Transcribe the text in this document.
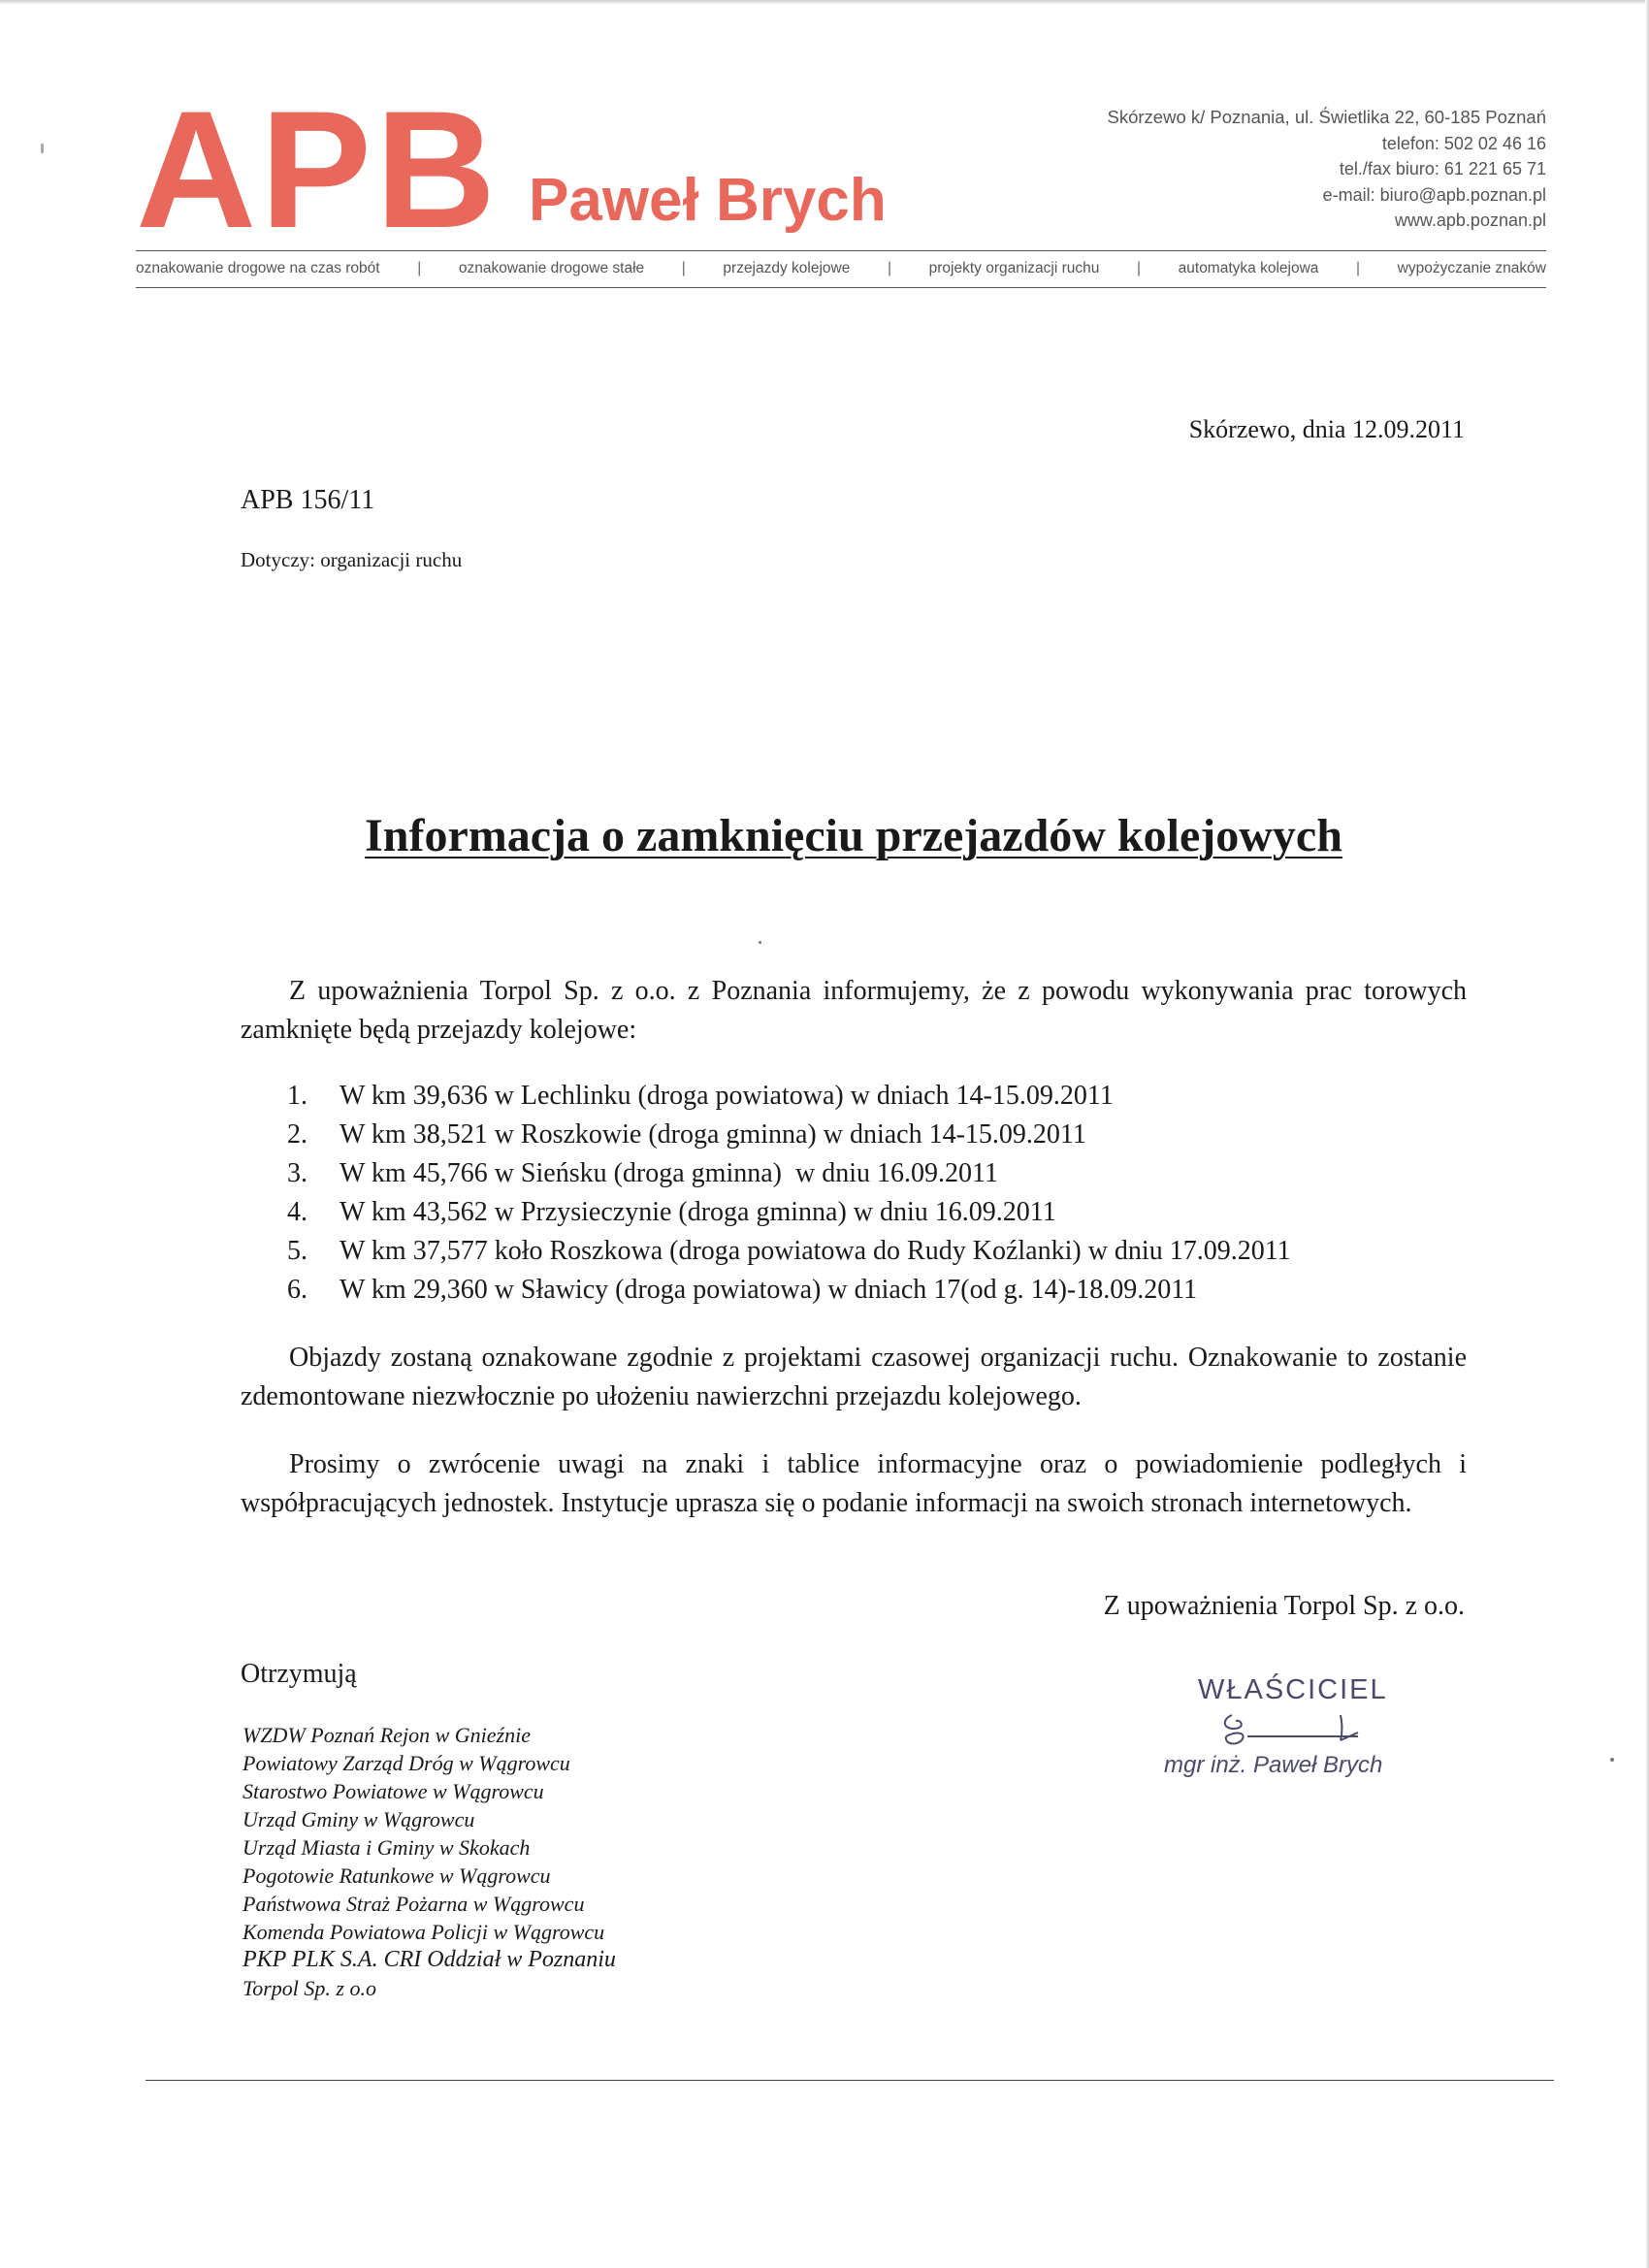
APB Paweł Brych
Skórzewo k/ Poznania, ul. Świetlika 22, 60-185 Poznań
telefon: 502 02 46 16
tel./fax biuro: 61 221 65 71
e-mail: biuro@apb.poznan.pl
www.apb.poznan.pl
oznakowanie drogowe na czas robót | oznakowanie drogowe stałe | przejazdy kolejowe | projekty organizacji ruchu | automatyka kolejowa | wypożyczanie znaków
Skórzewo, dnia 12.09.2011
APB 156/11
Dotyczy: organizacji ruchu
Informacja o zamknięciu przejazdów kolejowych
Z upoważnienia Torpol Sp. z o.o. z Poznania informujemy, że z powodu wykonywania prac torowych zamknięte będą przejazdy kolejowe:
1.	W km 39,636 w Lechlinku (droga powiatowa) w dniach 14-15.09.2011
2.	W km 38,521 w Roszkowie (droga gminna) w dniach 14-15.09.2011
3.	W km 45,766 w Sieńsku (droga gminna)  w dniu 16.09.2011
4.	W km 43,562 w Przysieczynie (droga gminna) w dniu 16.09.2011
5.	W km 37,577 koło Roszkowa (droga powiatowa do Rudy Koźlanki) w dniu 17.09.2011
6.	W km 29,360 w Sławicy (droga powiatowa) w dniach 17(od g. 14)-18.09.2011
Objazdy zostaną oznakowane zgodnie z projektami czasowej organizacji ruchu. Oznakowanie to zostanie zdemontowane niezwłocznie po ułożeniu nawierzchni przejazdu kolejowego.
Prosimy o zwrócenie uwagi na znaki i tablice informacyjne oraz o powiadomienie podległych i współpracujących jednostek. Instytucje uprasza się o podanie informacji na swoich stronach internetowych.
Z upoważnienia Torpol Sp. z o.o.
WŁAŚCICIEL
mgr inż. Paweł Brych
Otrzymują
WZDW Poznań Rejon w Gnieźnie
Powiatowy Zarząd Dróg w Wągrowcu
Starostwo Powiatowe w Wągrowcu
Urząd Gminy w Wągrowcu
Urząd Miasta i Gminy w Skokach
Pogotowie Ratunkowe w Wągrowcu
Państwowa Straż Pożarna w Wągrowcu
Komenda Powiatowa Policji w Wągrowcu
PKP PLK S.A. CRI Oddział w Poznaniu
Torpol Sp. z o.o
